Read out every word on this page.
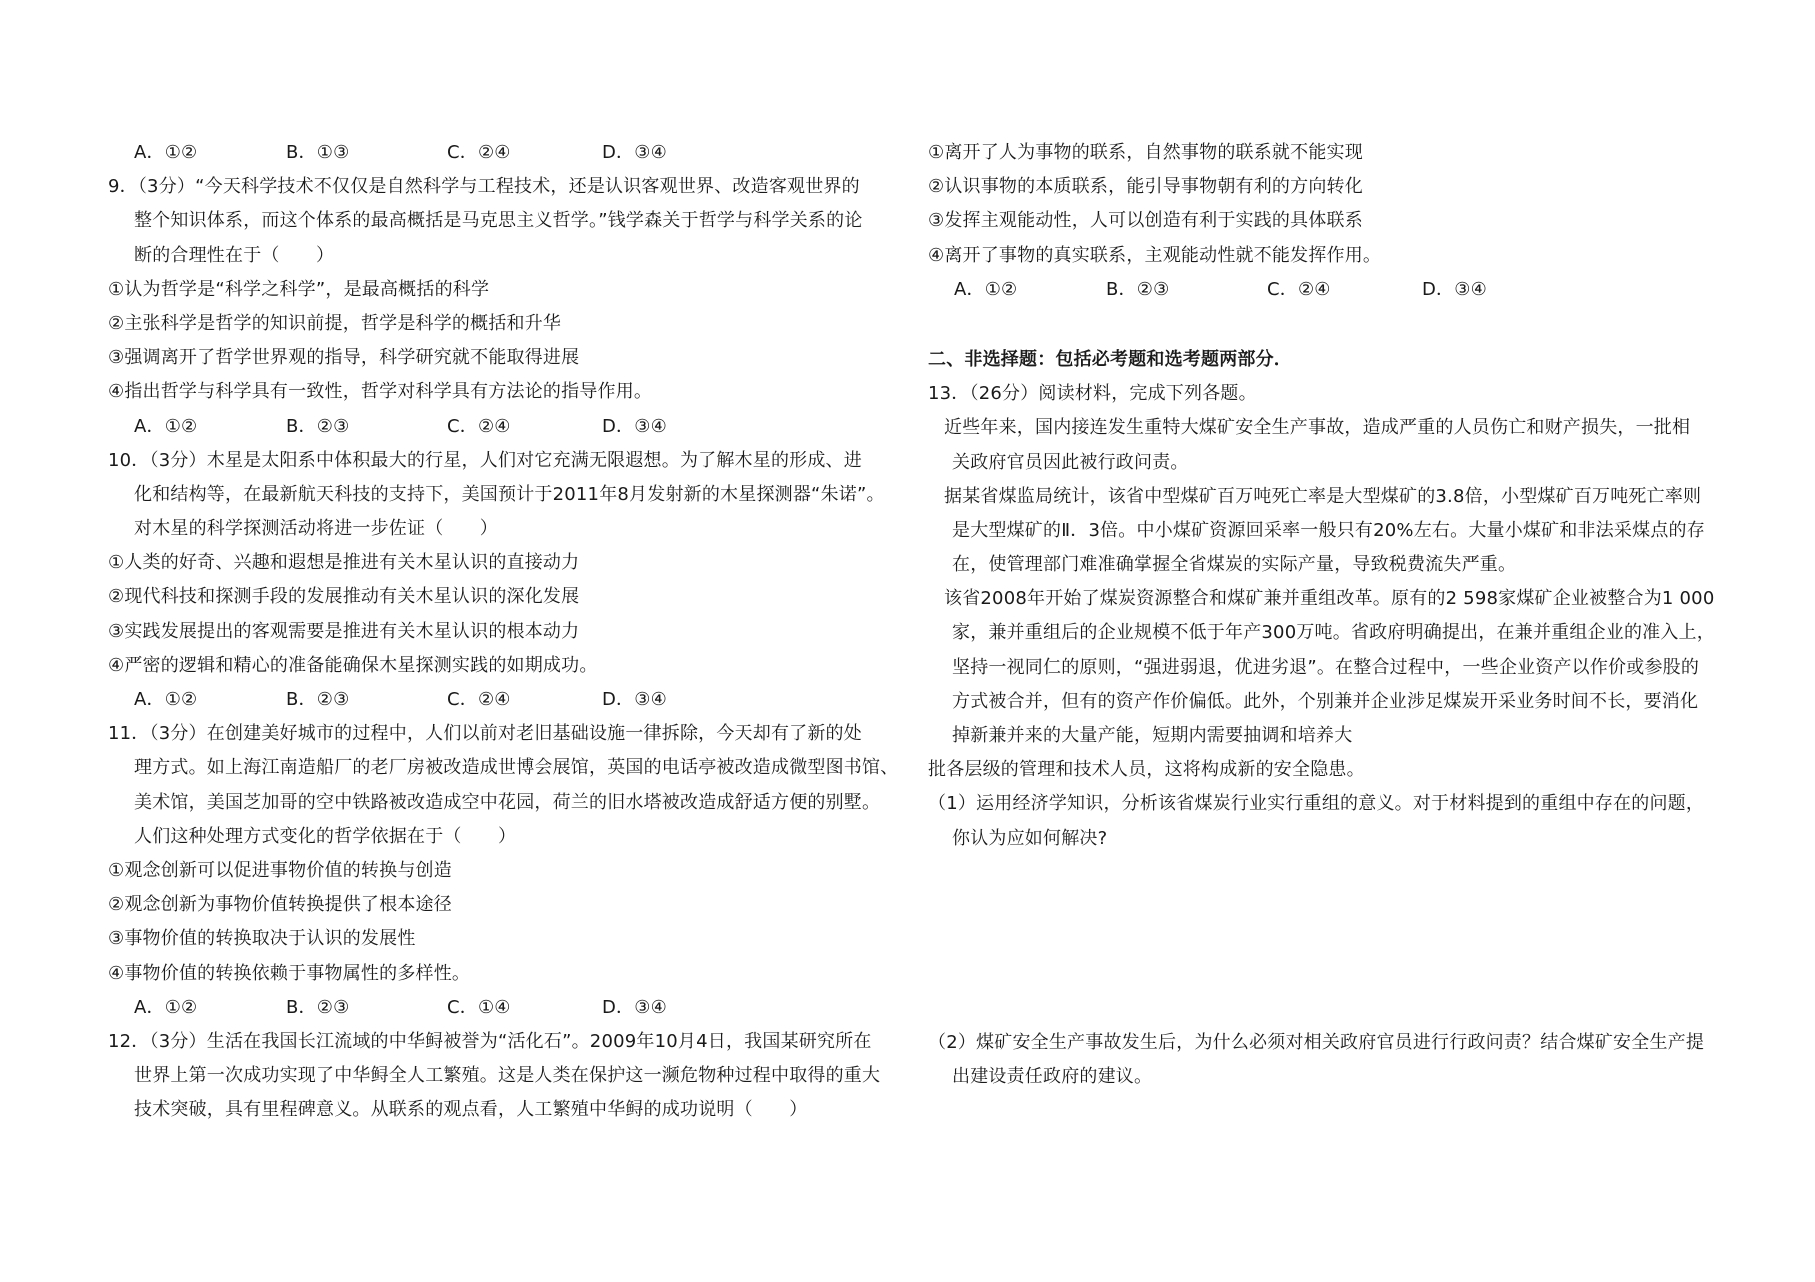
A．①②	B．①③	C．②④	D．③④
9．（3分）“今天科学技术不仅仅是自然科学与工程技术，还是认识客观世界、改造客观世界的
整个知识体系，而这个体系的最高概括是马克思主义哲学。”钱学森关于哲学与科学关系的论
断的合理性在于（　　）
①认为哲学是“科学之科学”，是最高概括的科学
②主张科学是哲学的知识前提，哲学是科学的概括和升华
③强调离开了哲学世界观的指导，科学研究就不能取得进展
④指出哲学与科学具有一致性，哲学对科学具有方法论的指导作用。
A．①②	B．②③	C．②④	D．③④
10．（3分）木星是太阳系中体积最大的行星，人们对它充满无限遐想。为了解木星的形成、进
化和结构等，在最新航天科技的支持下，美国预计于2011年8月发射新的木星探测器“朱诺”。
对木星的科学探测活动将进一步佐证（　　）
①人类的好奇、兴趣和遐想是推进有关木星认识的直接动力
②现代科技和探测手段的发展推动有关木星认识的深化发展
③实践发展提出的客观需要是推进有关木星认识的根本动力
④严密的逻辑和精心的准备能确保木星探测实践的如期成功。
A．①②	B．②③	C．②④	D．③④
11．（3分）在创建美好城市的过程中，人们以前对老旧基础设施一律拆除，今天却有了新的处
理方式。如上海江南造船厂的老厂房被改造成世博会展馆，英国的电话亭被改造成微型图书馆、
美术馆，美国芝加哥的空中铁路被改造成空中花园，荷兰的旧水塔被改造成舒适方便的别墅。
人们这种处理方式变化的哲学依据在于（　　）
①观念创新可以促进事物价值的转换与创造
②观念创新为事物价值转换提供了根本途径
③事物价值的转换取决于认识的发展性
④事物价值的转换依赖于事物属性的多样性。
A．①②	B．②③	C．①④	D．③④
12．（3分）生活在我国长江流域的中华鲟被誉为“活化石”。2009年10月4日，我国某研究所在
世界上第一次成功实现了中华鲟全人工繁殖。这是人类在保护这一濒危物种过程中取得的重大
技术突破，具有里程碑意义。从联系的观点看，人工繁殖中华鲟的成功说明（　　）
①离开了人为事物的联系，自然事物的联系就不能实现
②认识事物的本质联系，能引导事物朝有利的方向转化
③发挥主观能动性，人可以创造有利于实践的具体联系
④离开了事物的真实联系，主观能动性就不能发挥作用。
A．①②	B．②③	C．②④	D．③④
二、非选择题：包括必考题和选考题两部分．
13．（26分）阅读材料，完成下列各题。
近些年来，国内接连发生重特大煤矿安全生产事故，造成严重的人员伤亡和财产损失，一批相
关政府官员因此被行政问责。
据某省煤监局统计，该省中型煤矿百万吨死亡率是大型煤矿的3.8倍，小型煤矿百万吨死亡率则
是大型煤矿的Ⅱ．3倍。中小煤矿资源回采率一般只有20%左右。大量小煤矿和非法采煤点的存
在，使管理部门难准确掌握全省煤炭的实际产量，导致税费流失严重。
该省2008年开始了煤炭资源整合和煤矿兼并重组改革。原有的2 598家煤矿企业被整合为1 000
家，兼并重组后的企业规模不低于年产300万吨。省政府明确提出，在兼并重组企业的准入上，
坚持一视同仁的原则，“强进弱退，优进劣退”。在整合过程中，一些企业资产以作价或参股的
方式被合并，但有的资产作价偏低。此外，个别兼并企业涉足煤炭开采业务时间不长，要消化
掉新兼并来的大量产能，短期内需要抽调和培养大
批各层级的管理和技术人员，这将构成新的安全隐患。
（1）运用经济学知识，分析该省煤炭行业实行重组的意义。对于材料提到的重组中存在的问题，
你认为应如何解决?
（2）煤矿安全生产事故发生后，为什么必须对相关政府官员进行行政问责？结合煤矿安全生产提
出建设责任政府的建议。
